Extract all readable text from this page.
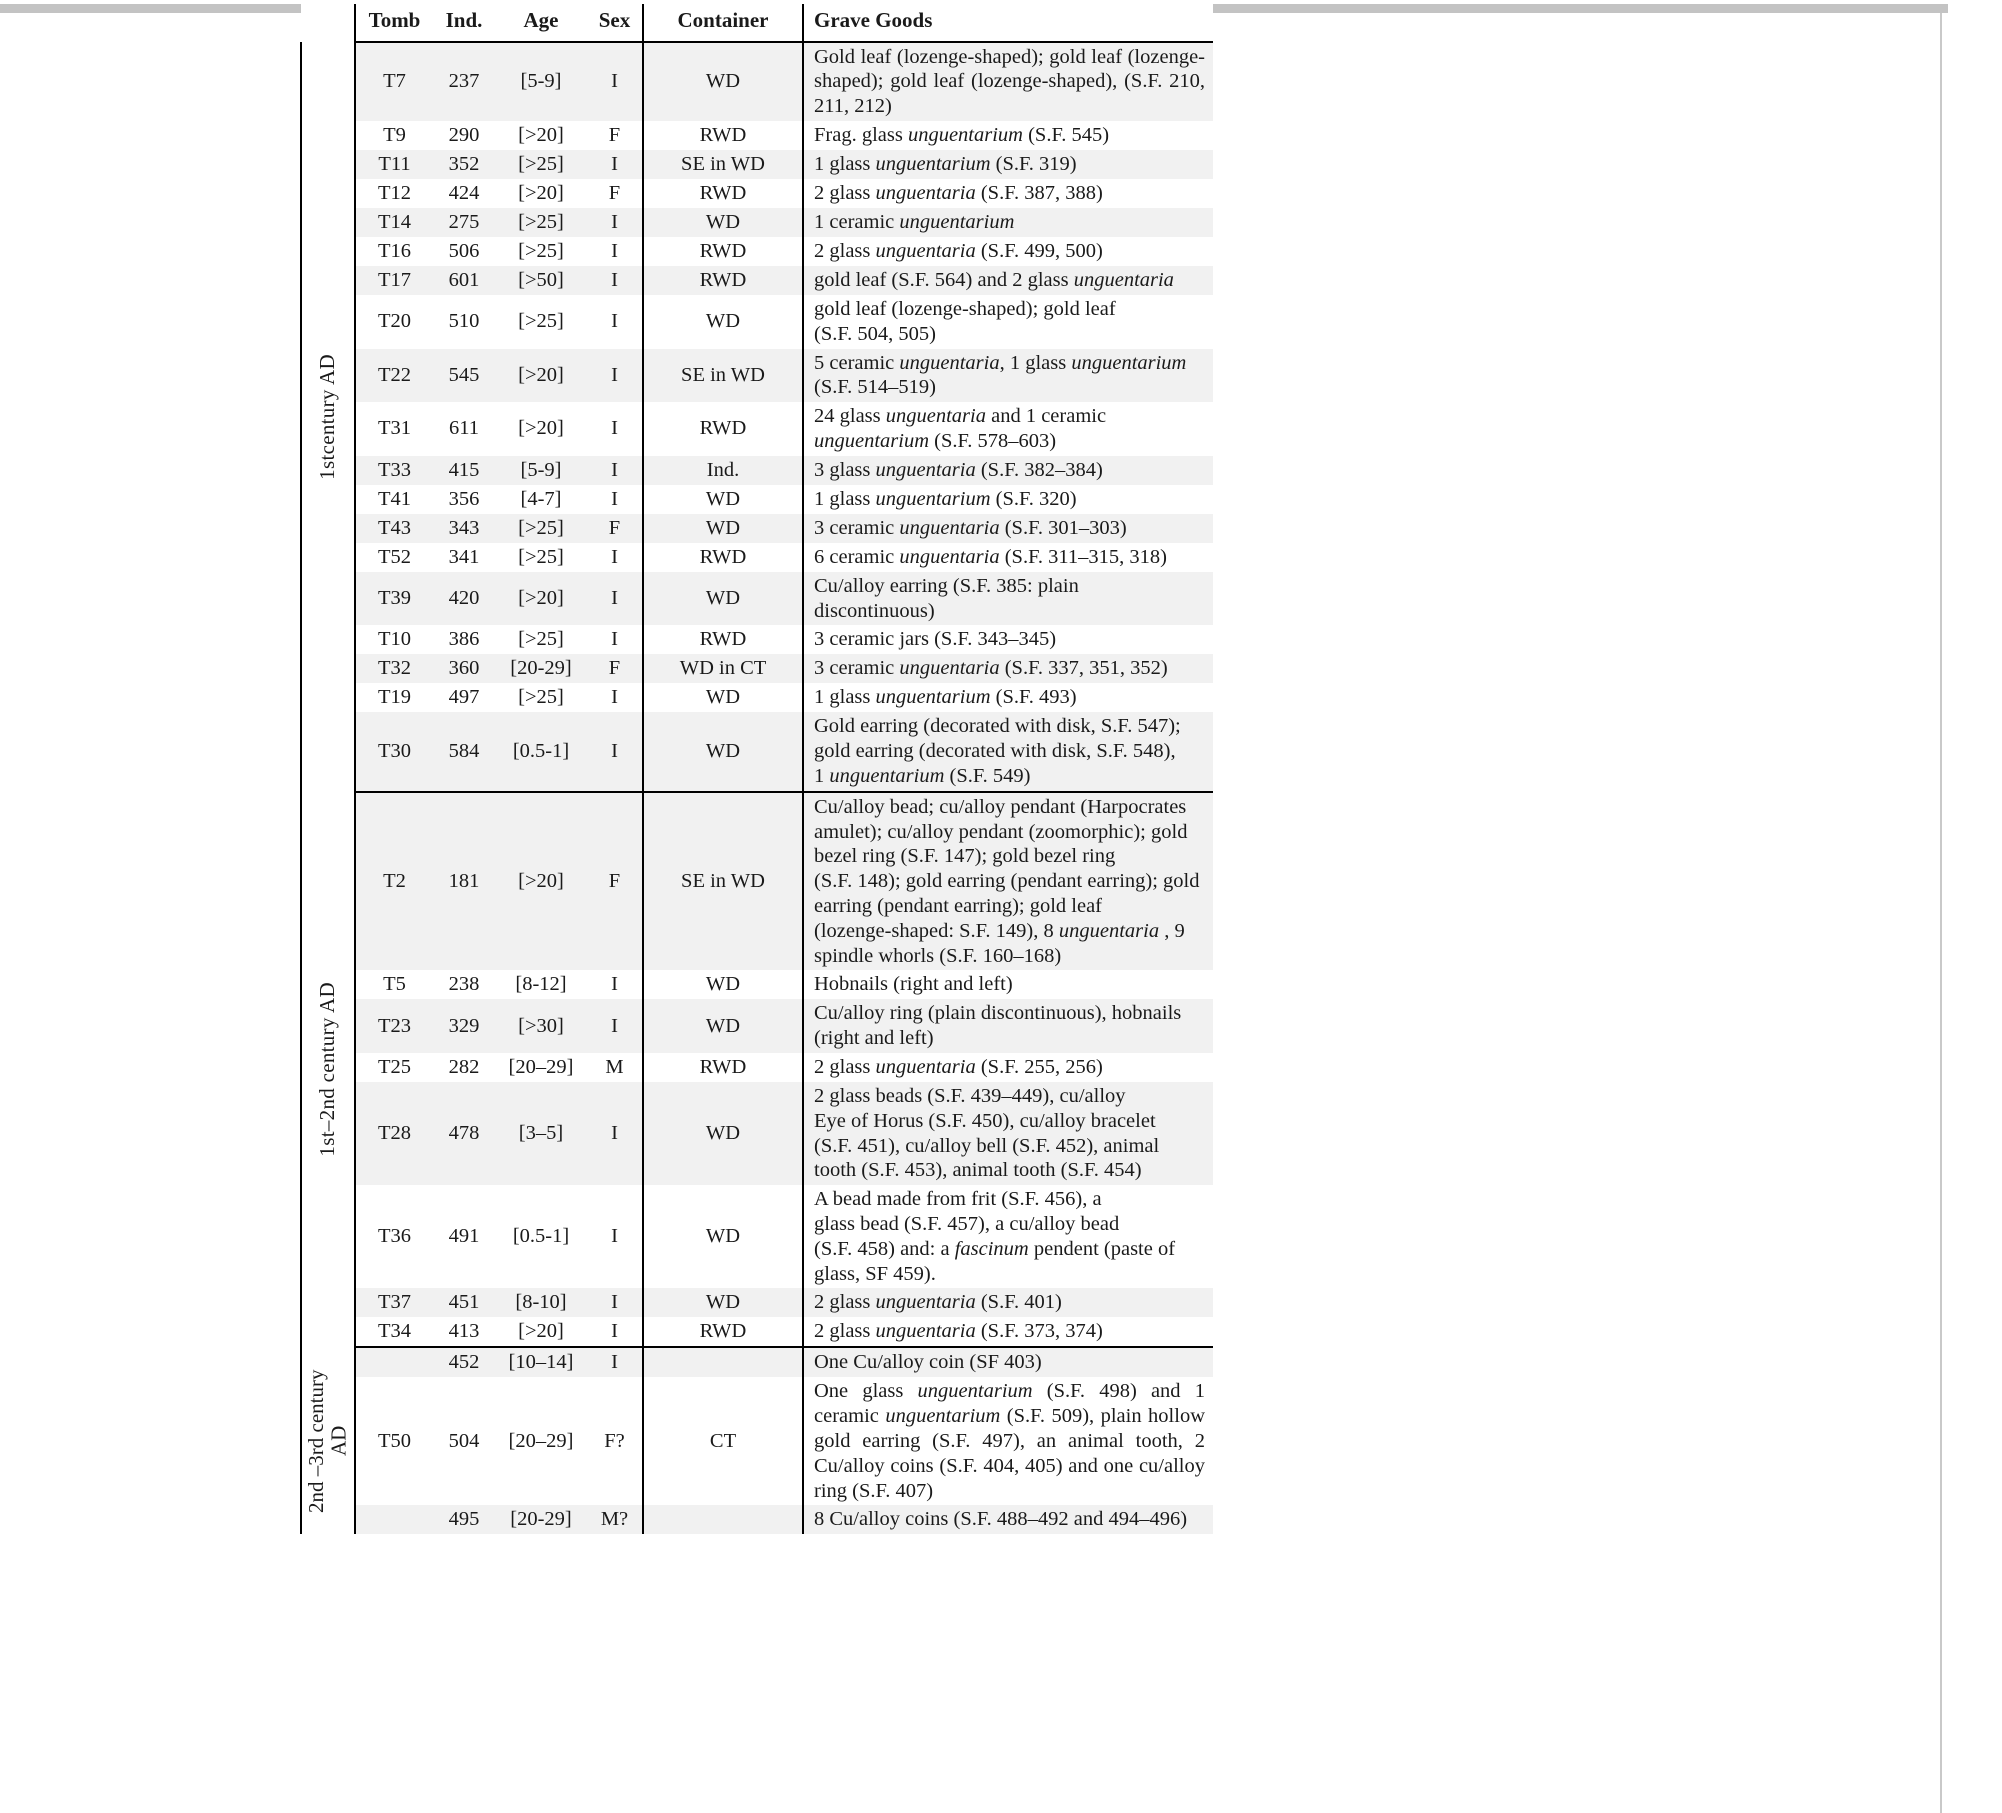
	Tomb	Ind.	Age	Sex	Container	Grave Goods

1stcentury AD	T7	237	[5-9]	I	WD	Gold leaf (lozenge-shaped); gold leaf (lozenge-shaped); gold leaf (lozenge-shaped), (S.F. 210, 211, 212)
	T9	290	[>20]	F	RWD	Frag. glass unguentarium (S.F. 545)
	T11	352	[>25]	I	SE in WD	1 glass unguentarium (S.F. 319)
	T12	424	[>20]	F	RWD	2 glass unguentaria (S.F. 387, 388)
	T14	275	[>25]	I	WD	1 ceramic unguentarium
	T16	506	[>25]	I	RWD	2 glass unguentaria (S.F. 499, 500)
	T17	601	[>50]	I	RWD	gold leaf (S.F. 564) and 2 glass unguentaria
	T20	510	[>25]	I	WD	gold leaf (lozenge-shaped); gold leaf
(S.F. 504, 505)
	T22	545	[>20]	I	SE in WD	5 ceramic unguentaria, 1 glass unguentarium
(S.F. 514–519)
	T31	611	[>20]	I	RWD	24 glass unguentaria and 1 ceramic
unguentarium (S.F. 578–603)
	T33	415	[5-9]	I	Ind.	3 glass unguentaria (S.F. 382–384)
	T41	356	[4-7]	I	WD	1 glass unguentarium (S.F. 320)
	T43	343	[>25]	F	WD	3 ceramic unguentaria (S.F. 301–303)
	T52	341	[>25]	I	RWD	6 ceramic unguentaria (S.F. 311–315, 318)
	T39	420	[>20]	I	WD	Cu/alloy earring (S.F. 385: plain
discontinuous)
	T10	386	[>25]	I	RWD	3 ceramic jars (S.F. 343–345)
	T32	360	[20-29]	F	WD in CT	3 ceramic unguentaria (S.F. 337, 351, 352)
	T19	497	[>25]	I	WD	1 glass unguentarium (S.F. 493)
	T30	584	[0.5-1]	I	WD	Gold earring (decorated with disk, S.F. 547);
gold earring (decorated with disk, S.F. 548),
1 unguentarium (S.F. 549)

1st–2nd century AD	T2	181	[>20]	F	SE in WD	Cu/alloy bead; cu/alloy pendant (Harpocrates amulet); cu/alloy pendant (zoomorphic); gold bezel ring (S.F. 147); gold bezel ring
(S.F. 148); gold earring (pendant earring); gold earring (pendant earring); gold leaf
(lozenge-shaped: S.F. 149), 8 unguentaria , 9 spindle whorls (S.F. 160–168)
	T5	238	[8-12]	I	WD	Hobnails (right and left)
	T23	329	[>30]	I	WD	Cu/alloy ring (plain discontinuous), hobnails
(right and left)
	T25	282	[20–29]	M	RWD	2 glass unguentaria (S.F. 255, 256)
	T28	478	[3–5]	I	WD	2 glass beads (S.F. 439–449), cu/alloy
Eye of Horus (S.F. 450), cu/alloy bracelet
(S.F. 451), cu/alloy bell (S.F. 452), animal
tooth (S.F. 453), animal tooth (S.F. 454)
	T36	491	[0.5-1]	I	WD	A bead made from frit (S.F. 456), a
glass bead (S.F. 457), a cu/alloy bead
(S.F. 458) and: a fascinum pendent (paste of
glass, SF 459).
	T37	451	[8-10]	I	WD	2 glass unguentaria (S.F. 401)
	T34	413	[>20]	I	RWD	2 glass unguentaria (S.F. 373, 374)

2nd –3rd century AD		452	[10–14]	I		One Cu/alloy coin (SF 403)
	T50	504	[20–29]	F?	CT	One glass unguentarium (S.F. 498) and 1 ceramic unguentarium (S.F. 509), plain hollow gold earring (S.F. 497), an animal tooth, 2 Cu/alloy coins (S.F. 404, 405) and one cu/alloy ring (S.F. 407)
		495	[20-29]	M?		8 Cu/alloy coins (S.F. 488–492 and 494–496)
